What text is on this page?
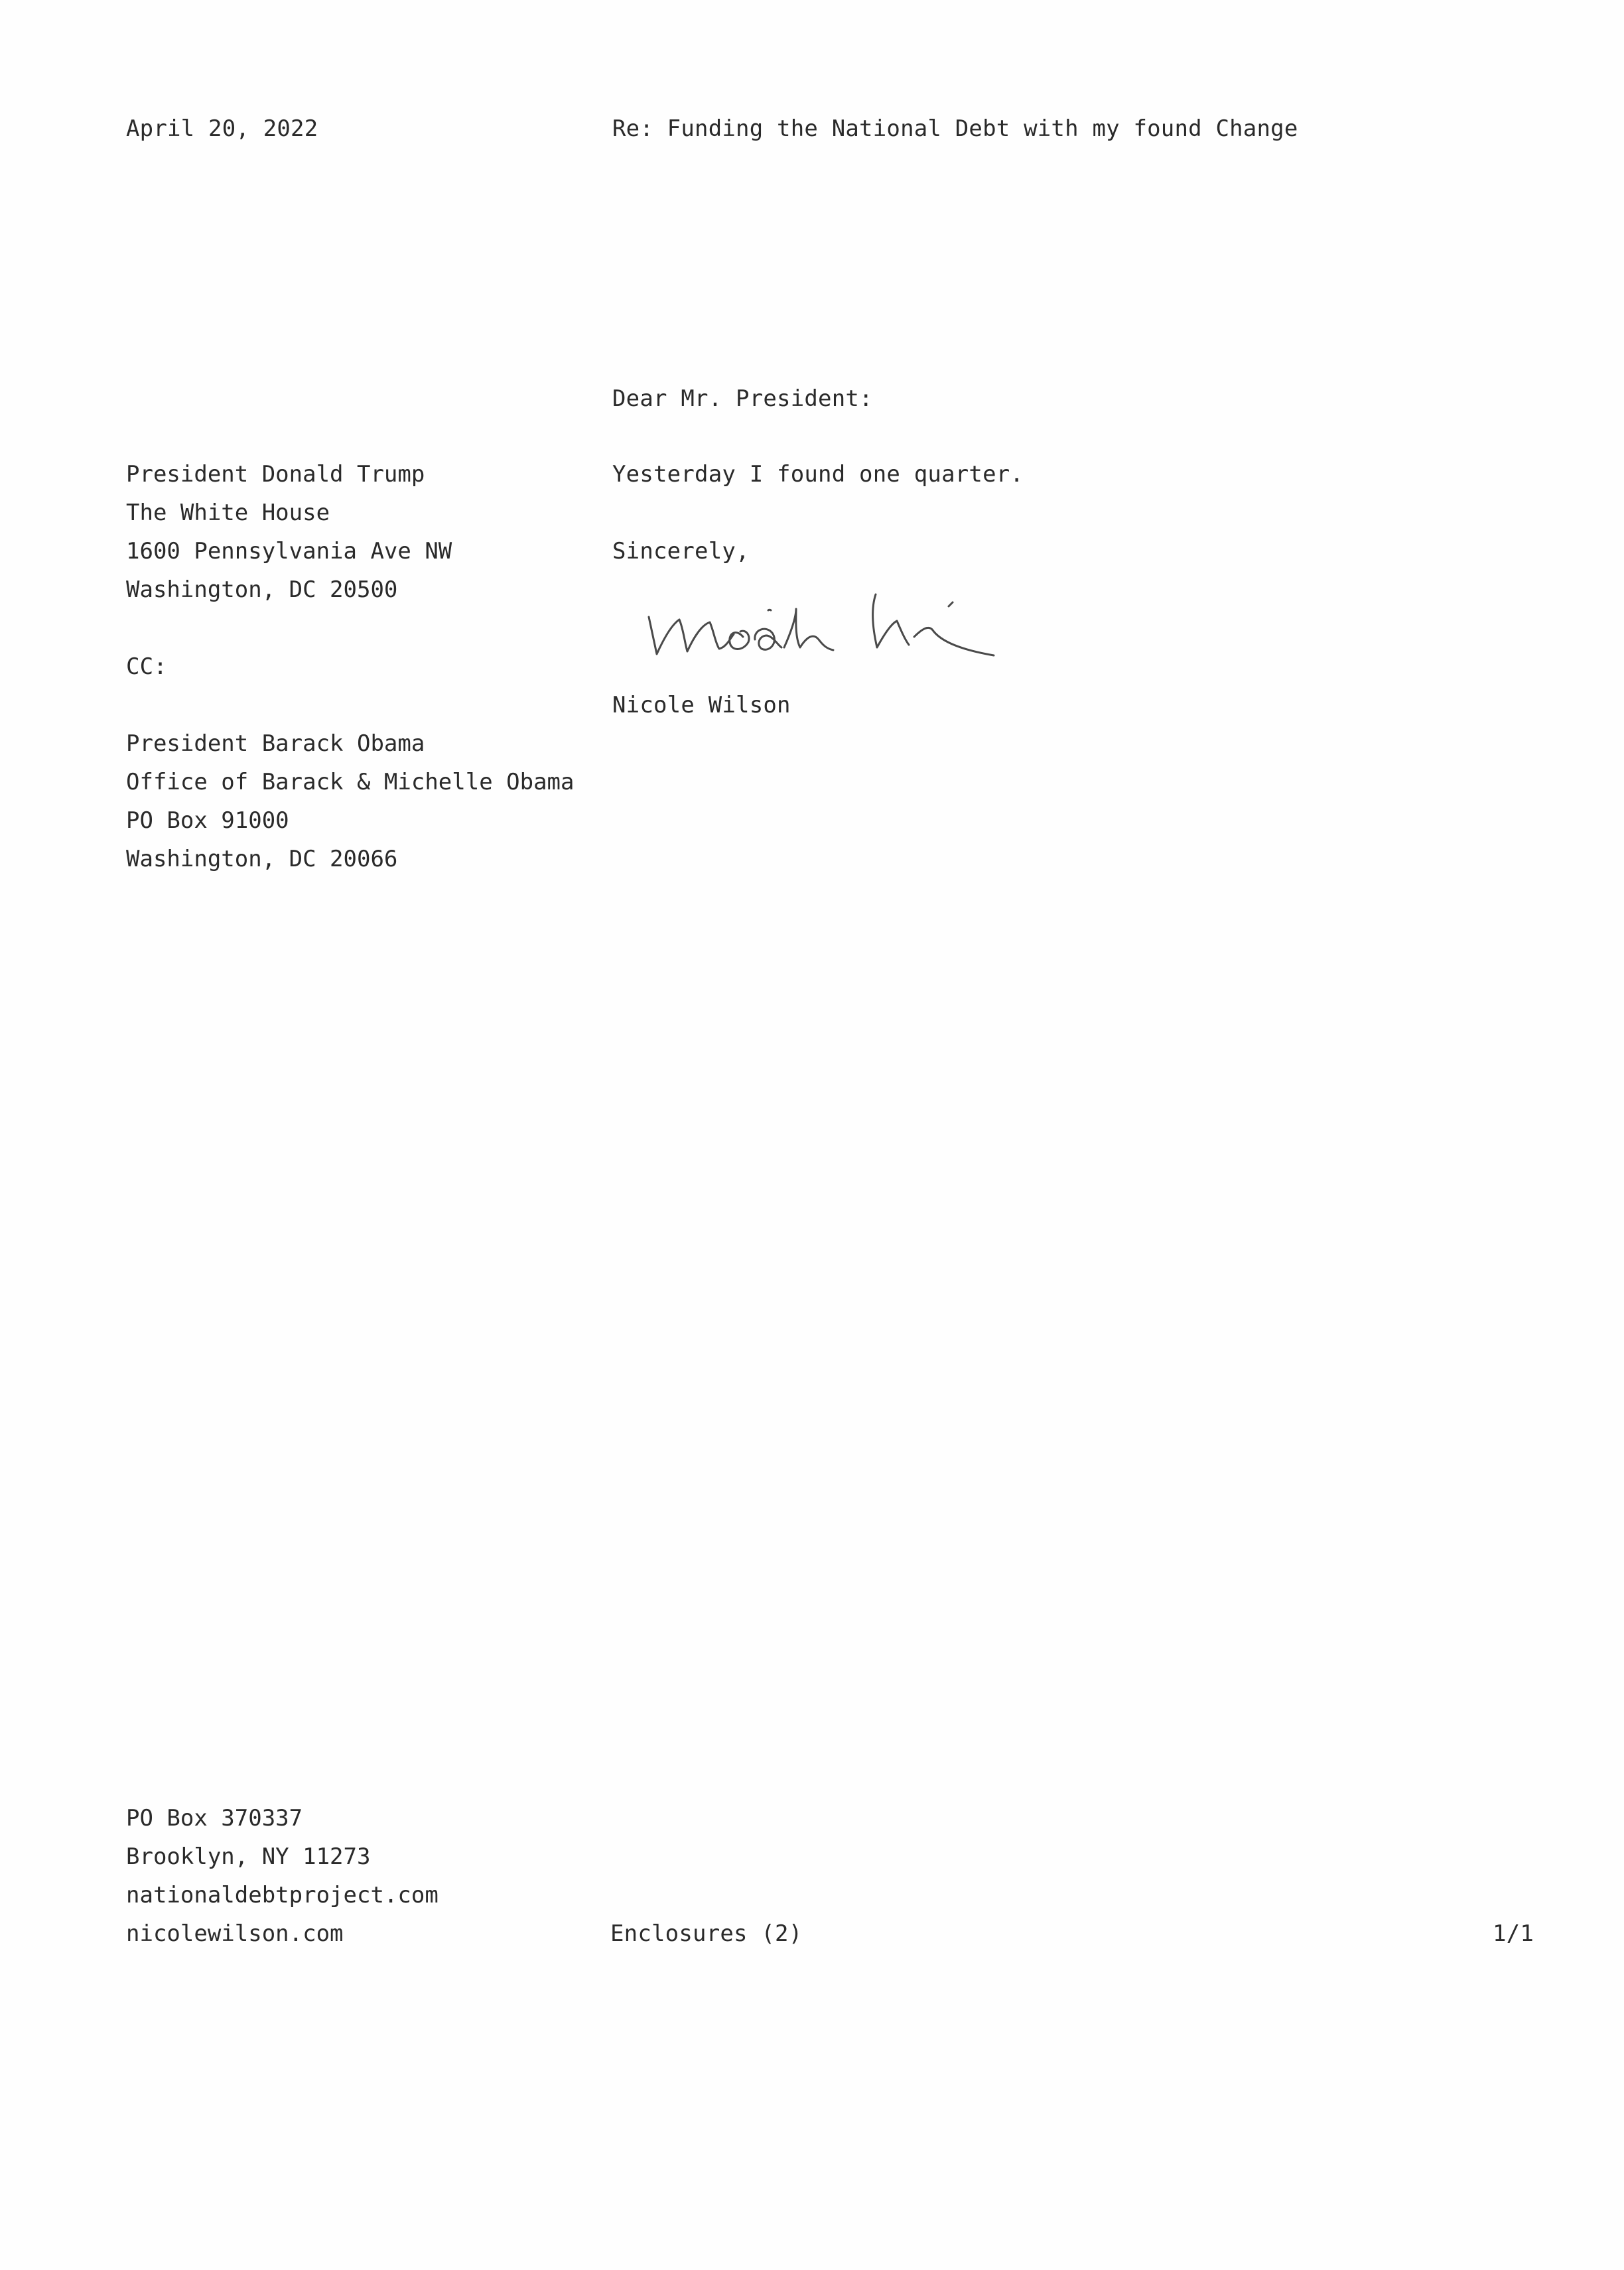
April 20, 2022	Re: Funding the National Debt with my found Change
Dear Mr. President:
President Donald Trump
The White House
1600 Pennsylvania Ave NW
Washington, DC 20500
Yesterday I found one quarter.
Sincerely,
CC:
Nicole Wilson
President Barack Obama
Office of Barack & Michelle Obama
PO Box 91000
Washington, DC 20066
PO Box 370337
Brooklyn, NY 11273
nationaldebtproject.com
nicolewilson.com	Enclosures (2)	1/1
